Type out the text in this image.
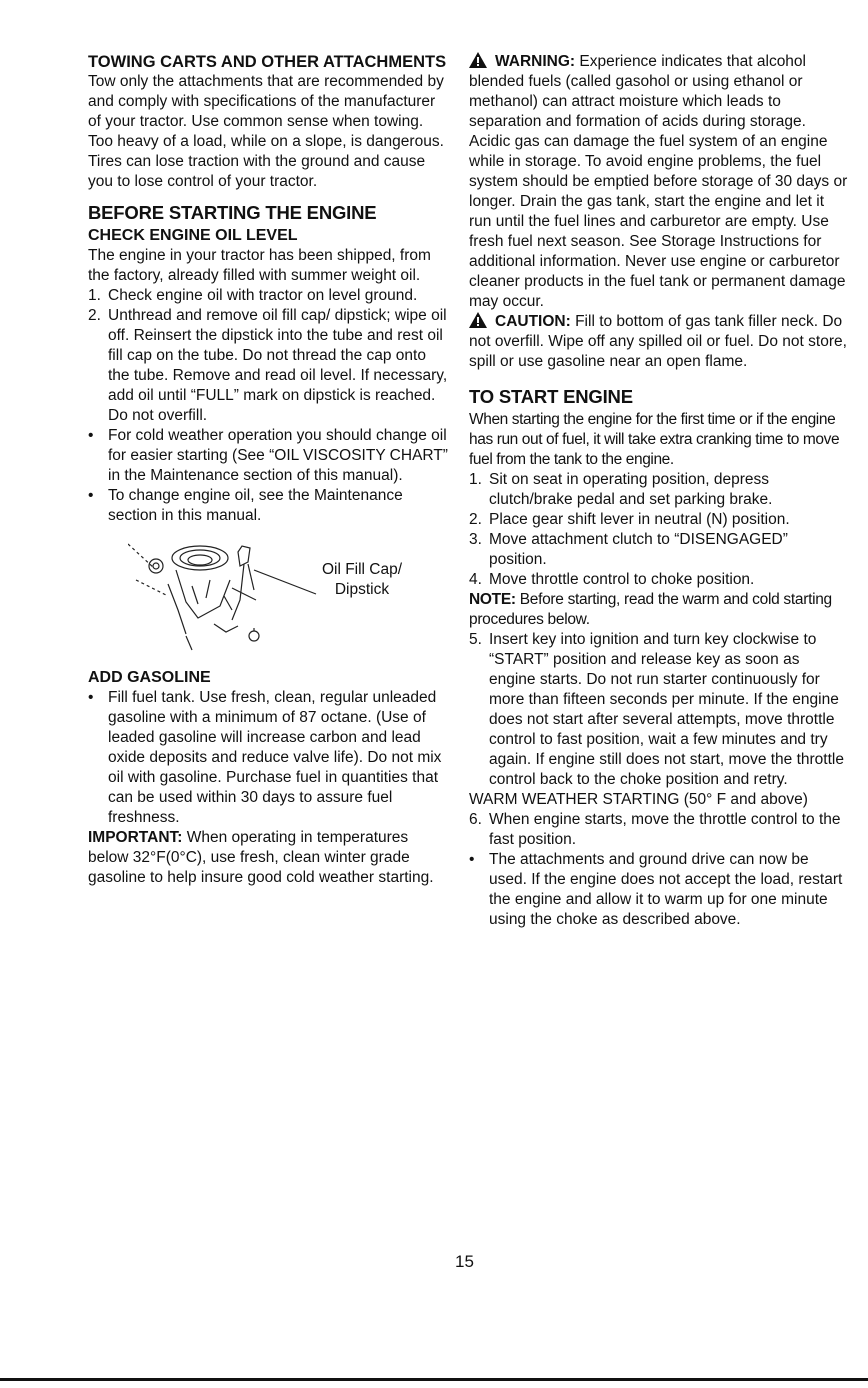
TOWING CARTS AND OTHER ATTACHMENTS

Tow only the attachments that are recommended by and comply with specifications of the manufacturer of your tractor. Use common sense when towing. Too heavy of a load, while on a slope, is dangerous. Tires can lose traction with the ground and cause you to lose control of your tractor.

BEFORE STARTING THE ENGINE
CHECK ENGINE OIL LEVEL

The engine in your tractor has been shipped, from the factory, already filled with summer weight oil.

1. Check engine oil with tractor on level ground.
2. Unthread and remove oil fill cap/ dipstick; wipe oil off. Reinsert the dipstick into the tube and rest oil fill cap on the tube. Do not thread the cap onto the tube. Remove and read oil level. If necessary, add oil until “FULL” mark on dipstick is reached. Do not overfill.
• For cold weather operation you should change oil for easier starting (See “OIL VISCOSITY CHART” in the Maintenance section of this manual).
• To change engine oil, see the Maintenance section in this manual.
Oil Fill Cap/ Dipstick
ADD GASOLINE
• Fill fuel tank. Use fresh, clean, regular unleaded gasoline with a minimum of 87 octane. (Use of leaded gasoline will increase carbon and lead oxide deposits and reduce valve life). Do not mix oil with gasoline. Purchase fuel in quantities that can be used within 30 days to assure fuel freshness.

IMPORTANT: When operating in temperatures below 32°F(0°C), use fresh, clean winter grade gasoline to help insure good cold weather starting.

WARNING: Experience indicates that alcohol blended fuels (called gasohol or using ethanol or methanol) can attract moisture which leads to separation and formation of acids during storage. Acidic gas can damage the fuel system of an engine while in storage. To avoid engine problems, the fuel system should be emptied before storage of 30 days or longer. Drain the gas tank, start the engine and let it run until the fuel lines and carburetor are empty. Use fresh fuel next season. See Storage Instructions for additional information. Never use engine or carburetor cleaner products in the fuel tank or permanent damage may occur.

CAUTION: Fill to bottom of gas tank filler neck. Do not overfill. Wipe off any spilled oil or fuel. Do not store, spill or use gasoline near an open flame.

TO START ENGINE

When starting the engine for the first time or if the engine has run out of fuel, it will take extra cranking time to move fuel from the tank to the engine.

1. Sit on seat in operating position, depress clutch/brake pedal and set parking brake.
2. Place gear shift lever in neutral (N) position.
3. Move attachment clutch to “DISENGAGED” position.
4. Move throttle control to choke position.

NOTE: Before starting, read the warm and cold starting procedures below.

5. Insert key into ignition and turn key clockwise to “START” position and release key as soon as engine starts. Do not run starter continuously for more than fifteen seconds per minute. If the engine does not start after several attempts, move throttle control to fast position, wait a few minutes and try again. If engine still does not start, move the throttle control back to the choke position and retry.

WARM WEATHER STARTING (50° F and above)

6. When engine starts, move the throttle control to the fast position.
• The attachments and ground drive can now be used. If the engine does not accept the load, restart the engine and allow it to warm up for one minute using the choke as described above.
15
